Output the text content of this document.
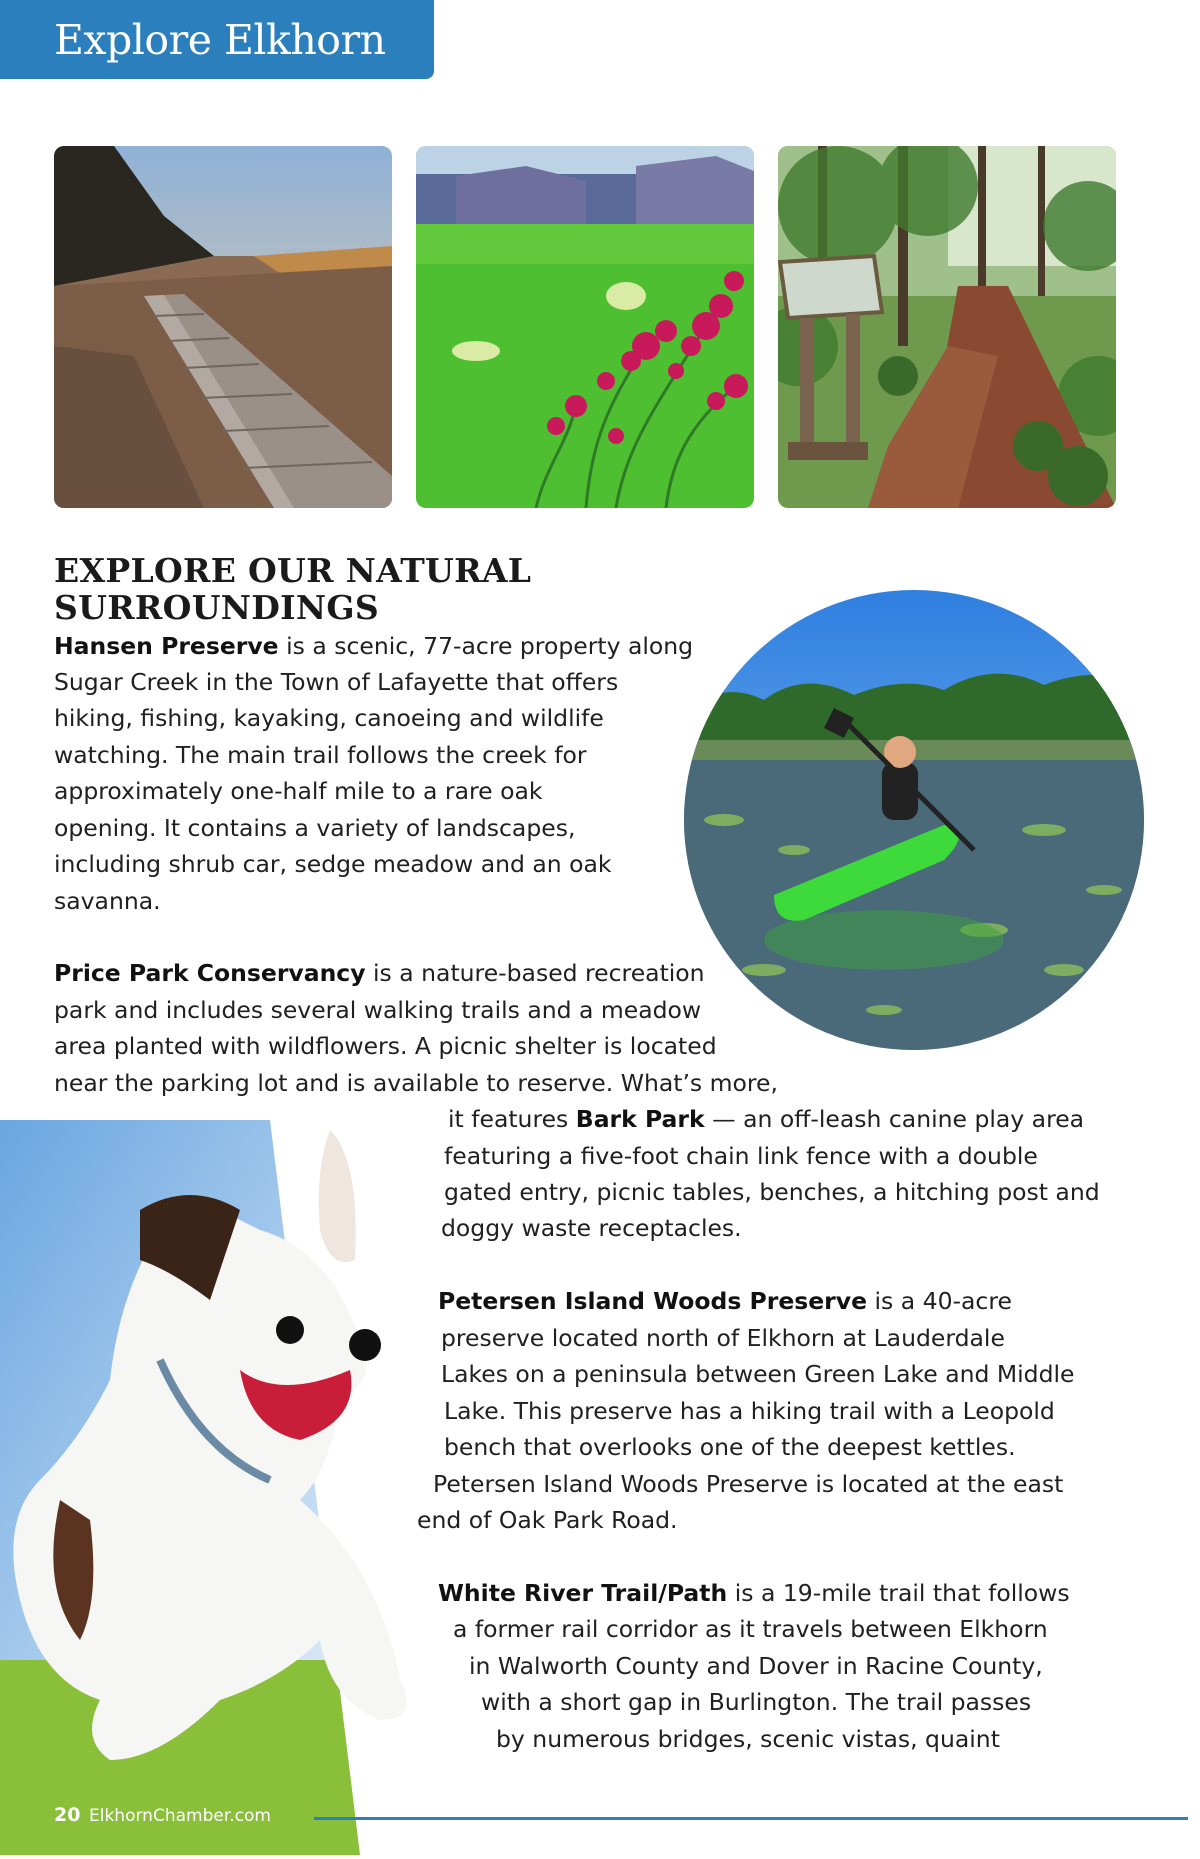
Explore Elkhorn
EXPLORE OUR NATURAL
SURROUNDINGS
Hansen Preserve is a scenic, 77-acre property along
Sugar Creek in the Town of Lafayette that offers
hiking, fishing, kayaking, canoeing and wildlife
watching. The main trail follows the creek for
approximately one-half mile to a rare oak
opening. It contains a variety of landscapes,
including shrub car, sedge meadow and an oak
savanna.
Price Park Conservancy is a nature-based recreation
park and includes several walking trails and a meadow
area planted with wildflowers. A picnic shelter is located
near the parking lot and is available to reserve. What’s more,
it features Bark Park — an off-leash canine play area
featuring a five-foot chain link fence with a double
gated entry, picnic tables, benches, a hitching post and
doggy waste receptacles.
Petersen Island Woods Preserve is a 40-acre
preserve located north of Elkhorn at Lauderdale
Lakes on a peninsula between Green Lake and Middle
Lake. This preserve has a hiking trail with a Leopold
bench that overlooks one of the deepest kettles.
Petersen Island Woods Preserve is located at the east
end of Oak Park Road.
White River Trail/Path is a 19-mile trail that follows
a former rail corridor as it travels between Elkhorn
in Walworth County and Dover in Racine County,
with a short gap in Burlington. The trail passes
by numerous bridges, scenic vistas, quaint
20 ElkhornChamber.com
